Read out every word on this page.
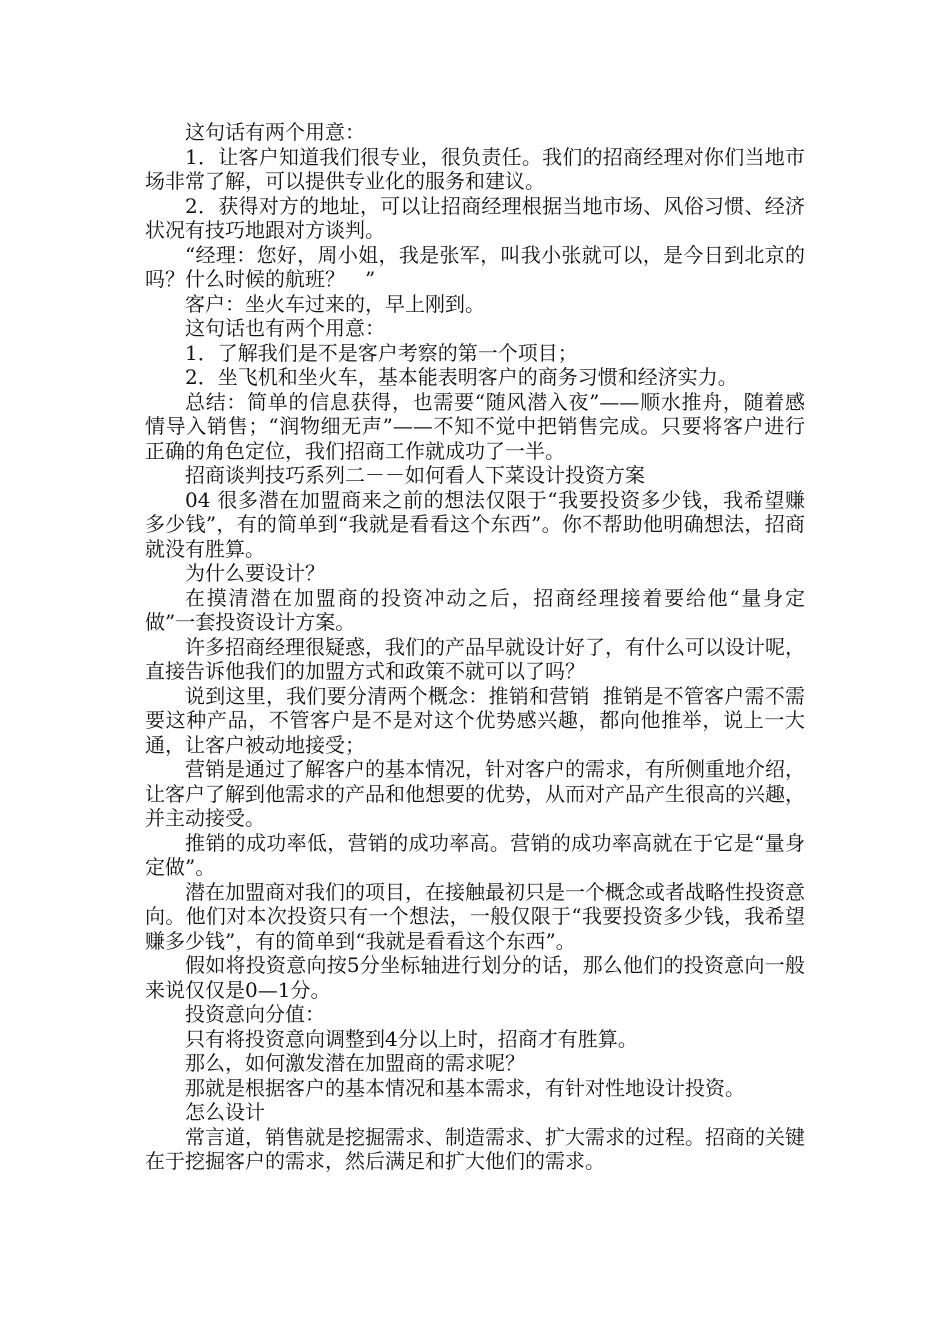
这句话有两个用意：

1．让客户知道我们很专业，很负责任。我们的招商经理对你们当地市场非常了解，可以提供专业化的服务和建议。

2．获得对方的地址，可以让招商经理根据当地市场、风俗习惯、经济状况有技巧地跟对方谈判。

“经理：您好，周小姐，我是张军，叫我小张就可以，是今日到北京的吗？什么时候的航班？　”

客户：坐火车过来的，早上刚到。

这句话也有两个用意：

1．了解我们是不是客户考察的第一个项目；

2．坐飞机和坐火车，基本能表明客户的商务习惯和经济实力。

总结：简单的信息获得，也需要“随风潜入夜”——顺水推舟，随着感情导入销售；“润物细无声”——不知不觉中把销售完成。只要将客户进行正确的角色定位，我们招商工作就成功了一半。

招商谈判技巧系列二－－如何看人下菜设计投资方案

04 很多潜在加盟商来之前的想法仅限于“我要投资多少钱，我希望赚多少钱”，有的简单到“我就是看看这个东西”。你不帮助他明确想法，招商就没有胜算。

为什么要设计？

在摸清潜在加盟商的投资冲动之后，招商经理接着要给他“量身定做”一套投资设计方案。

许多招商经理很疑惑，我们的产品早就设计好了，有什么可以设计呢，直接告诉他我们的加盟方式和政策不就可以了吗？

说到这里，我们要分清两个概念：推销和营销  推销是不管客户需不需要这种产品，不管客户是不是对这个优势感兴趣，都向他推举，说上一大通，让客户被动地接受；

营销是通过了解客户的基本情况，针对客户的需求，有所侧重地介绍，让客户了解到他需求的产品和他想要的优势，从而对产品产生很高的兴趣，并主动接受。

推销的成功率低，营销的成功率高。营销的成功率高就在于它是“量身定做”。

潜在加盟商对我们的项目，在接触最初只是一个概念或者战略性投资意向。他们对本次投资只有一个想法，一般仅限于“我要投资多少钱，我希望赚多少钱”，有的简单到“我就是看看这个东西”。

假如将投资意向按5分坐标轴进行划分的话，那么他们的投资意向一般来说仅仅是0—1分。

投资意向分值：

只有将投资意向调整到4分以上时，招商才有胜算。

那么，如何激发潜在加盟商的需求呢？

那就是根据客户的基本情况和基本需求，有针对性地设计投资。

怎么设计

常言道，销售就是挖掘需求、制造需求、扩大需求的过程。招商的关键在于挖掘客户的需求，然后满足和扩大他们的需求。
